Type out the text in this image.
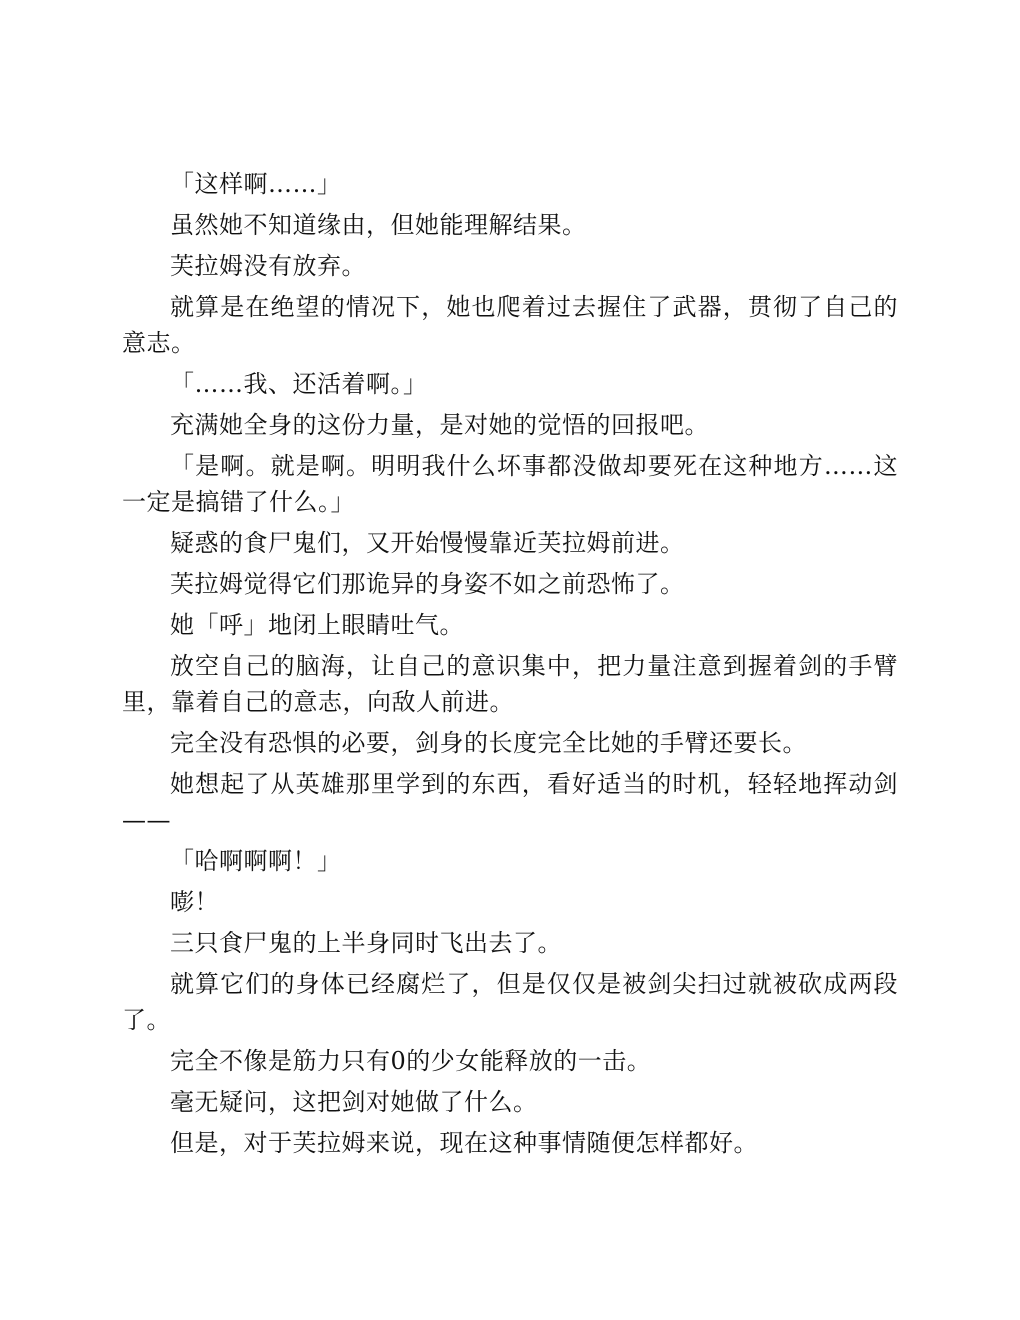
「这样啊……」

虽然她不知道缘由，但她能理解结果。

芙拉姆没有放弃。

就算是在绝望的情况下，她也爬着过去握住了武器，贯彻了自己的意志。

「……我、还活着啊。」

充满她全身的这份力量，是对她的觉悟的回报吧。

「是啊。就是啊。明明我什么坏事都没做却要死在这种地方……这一定是搞错了什么。」

疑惑的食尸鬼们，又开始慢慢靠近芙拉姆前进。

芙拉姆觉得它们那诡异的身姿不如之前恐怖了。

她「呼」地闭上眼睛吐气。

放空自己的脑海，让自己的意识集中，把力量注意到握着剑的手臂里，靠着自己的意志，向敌人前进。

完全没有恐惧的必要，剑身的长度完全比她的手臂还要长。

她想起了从英雄那里学到的东西，看好适当的时机，轻轻地挥动剑——

「哈啊啊啊！」

嘭！

三只食尸鬼的上半身同时飞出去了。

就算它们的身体已经腐烂了，但是仅仅是被剑尖扫过就被砍成两段了。

完全不像是筋力只有0的少女能释放的一击。

毫无疑问，这把剑对她做了什么。

但是，对于芙拉姆来说，现在这种事情随便怎样都好。
